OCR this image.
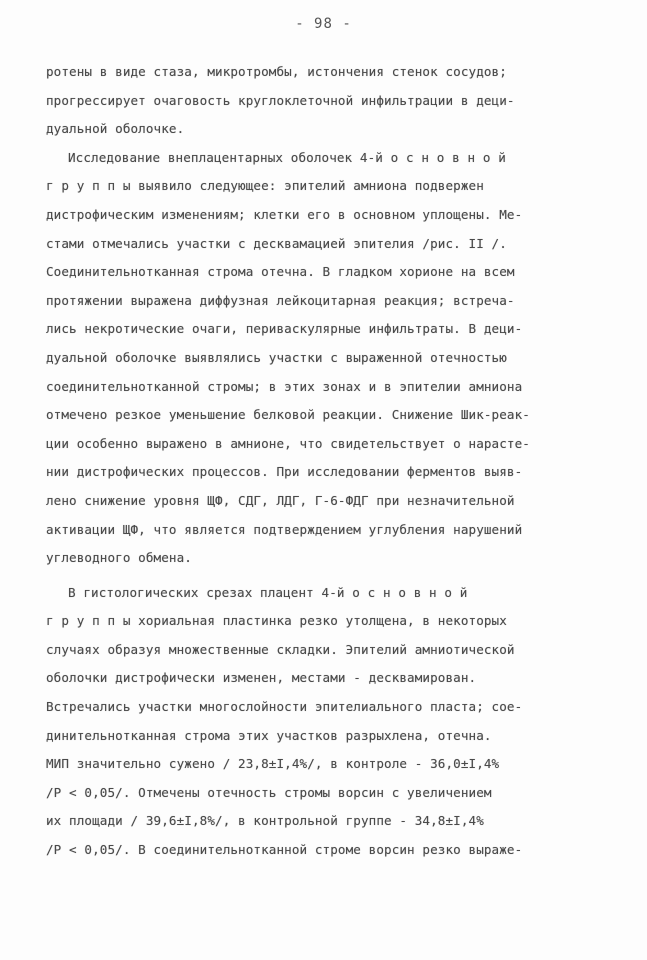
- 98 -
ротены в виде стаза, микротромбы, истончения стенок сосудов;
прогрессирует очаговость круглоклеточной инфильтрации в деци-
дуальной оболочке.
Исследование внеплацентарных оболочек 4-й о с н о в н о й
г р у п п ы выявило следующее: эпителий амниона подвержен
дистрофическим изменениям; клетки его в основном уплощены. Ме-
стами отмечались участки с десквамацией эпителия /рис. II /.
Соединительнотканная строма отечна. В гладком хорионе на всем
протяжении выражена диффузная лейкоцитарная реакция; встреча-
лись некротические очаги, периваскулярные инфильтраты. В деци-
дуальной оболочке выявлялись участки с выраженной отечностью
соединительнотканной стромы; в этих зонах и в эпителии амниона
отмечено резкое уменьшение белковой реакции. Снижение Шик-реак-
ции особенно выражено в амнионе, что свидетельствует о нарасте-
нии дистрофических процессов. При исследовании ферментов выяв-
лено снижение уровня ЩФ, СДГ, ЛДГ, Г-6-ФДГ при незначительной
активации ЩФ, что является подтверждением углубления нарушений
углеводного обмена.
В гистологических срезах плацент 4-й о с н о в н о й
г р у п п ы хориальная пластинка резко утолщена, в некоторых
случаях образуя множественные складки. Эпителий амниотической
оболочки дистрофически изменен, местами - десквамирован.
Встречались участки многослойности эпителиального пласта; сое-
динительнотканная строма этих участков разрыхлена, отечна.
МИП значительно сужено / 23,8±I,4%/, в контроле - 36,0±I,4%
/Р < 0,05/. Отмечены отечность стромы ворсин с увеличением
их площади / 39,6±I,8%/, в контрольной группе - 34,8±I,4%
/Р < 0,05/. В соединительнотканной строме ворсин резко выраже-
